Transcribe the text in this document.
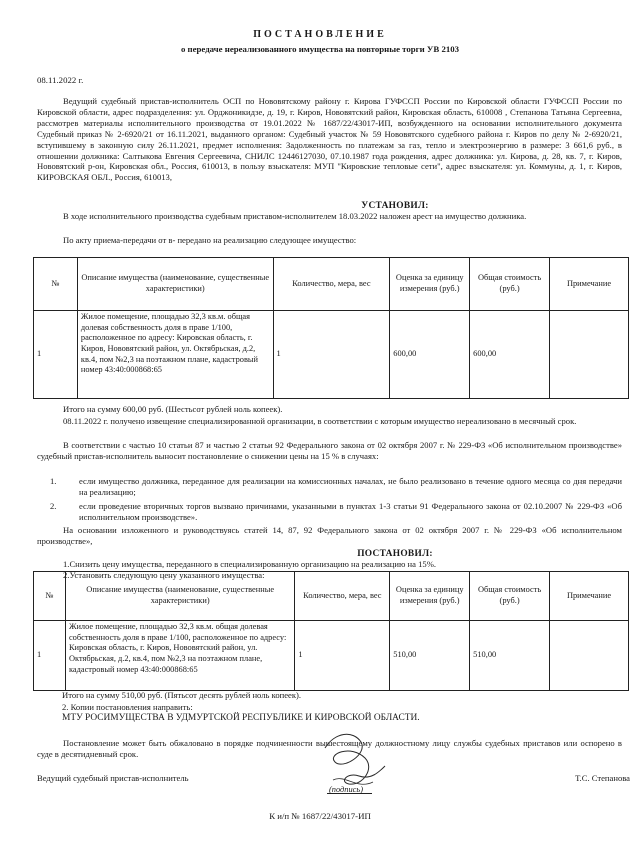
ПОСТАНОВЛЕНИЕ
о передаче нереализованного имущества на повторные торги УВ 2103
08.11.2022 г.
Ведущий судебный пристав-исполнитель ОСП по Нововятскому району г. Кирова ГУФССП России по Кировской области ГУФССП России по Кировской области, адрес подразделения: ул. Орджоникидзе, д. 19, г. Киров, Нововятский район, Кировская область, 610008 , Степанова Татьяна Сергеевна, рассмотрев материалы исполнительного производства от 19.01.2022 № 1687/22/43017-ИП, возбужденного на основании исполнительного документа Судебный приказ № 2-6920/21 от 16.11.2021, выданного органом: Судебный участок № 59 Нововятского судебного района г. Киров по делу № 2-6920/21, вступившему в законную силу 26.11.2021, предмет исполнения: Задолженность по платежам за газ, тепло и электроэнергию в размере: 3 661,6 руб., в отношении должника: Салтыкова Евгения Сергеевича, СНИЛС 12446127030, 07.10.1987 года рождения, адрес должника: ул. Кирова, д. 28, кв. 7, г. Киров, Нововятский р-он, Кировская обл., Россия, 610013, в пользу взыскателя: МУП "Кировские тепловые сети", адрес взыскателя: ул. Коммуны, д. 1, г. Киров, КИРОВСКАЯ ОБЛ., Россия, 610013,
УСТАНОВИЛ:
В ходе исполнительного производства судебным приставом-исполнителем 18.03.2022 наложен арест на имущество должника.
По акту приема-передачи от в- передано на реализацию следующее имущество:
№	Описание имущества (наименование, существенные характеристики)	Количество, мера, вес	Оценка за единицу измерения (руб.)	Общая стоимость (руб.)	Примечание
1	Жилое помещение, площадью 32,3 кв.м. общая долевая собственность доля в праве 1/100, расположенное по адресу: Кировская область, г. Киров, Нововятский район, ул. Октябрьская, д.2, кв.4, пом №2,3 на поэтажном плане, кадастровый номер 43:40:000868:65	1	600,00	600,00	
Итого на сумму 600,00 руб. (Шестьсот рублей ноль копеек).
08.11.2022 г. получено извещение специализированной организации, в соответствии с которым имущество нереализовано в месячный срок.
В соответствии с частью 10 статьи 87 и частью 2 статьи 92 Федерального закона от 02 октября 2007 г. № 229-ФЗ «Об исполнительном производстве» судебный пристав-исполнитель выносит постановление о снижении цены на 15 % в случаях:
1.	если имущество должника, переданное для реализации на комиссионных началах, не было реализовано в течение одного месяца со дня передачи на реализацию;
2.	если проведение вторичных торгов вызвано причинами, указанными в пунктах 1-3 статьи 91 Федерального закона от 02.10.2007 № 229-ФЗ «Об исполнительном производстве».
На основании изложенного и руководствуясь статей 14, 87, 92 Федерального закона от 02 октября 2007 г. № 229-ФЗ «Об исполнительном производстве»,
ПОСТАНОВИЛ:
1.Снизить цену имущества, переданного в специализированную организацию на реализацию на 15%.
2.Установить следующую цену указанного имущества:
№	Описание имущества (наименование, существенные характеристики)	Количество, мера, вес	Оценка за единицу измерения (руб.)	Общая стоимость (руб.)	Примечание
1	Жилое помещение, площадью 32,3 кв.м. общая долевая собственность доля в праве 1/100, расположенное по адресу: Кировская область, г. Киров, Нововятский район, ул. Октябрьская, д.2, кв.4, пом №2,3 на поэтажном плане, кадастровый номер 43:40:000868:65	1	510,00	510,00	
Итого на сумму 510,00 руб. (Пятьсот десять рублей ноль копеек).
2. Копии постановления направить:
МТУ РОСИМУЩЕСТВА В УДМУРТСКОЙ РЕСПУБЛИКЕ И КИРОВСКОЙ ОБЛАСТИ.
Постановление может быть обжаловано в порядке подчиненности вышестоящему должностному лицу службы судебных приставов или оспорено в суде в десятидневный срок.
Ведущий судебный пристав-исполнитель
(подпись)
Т.С. Степанова
К и/п № 1687/22/43017-ИП
